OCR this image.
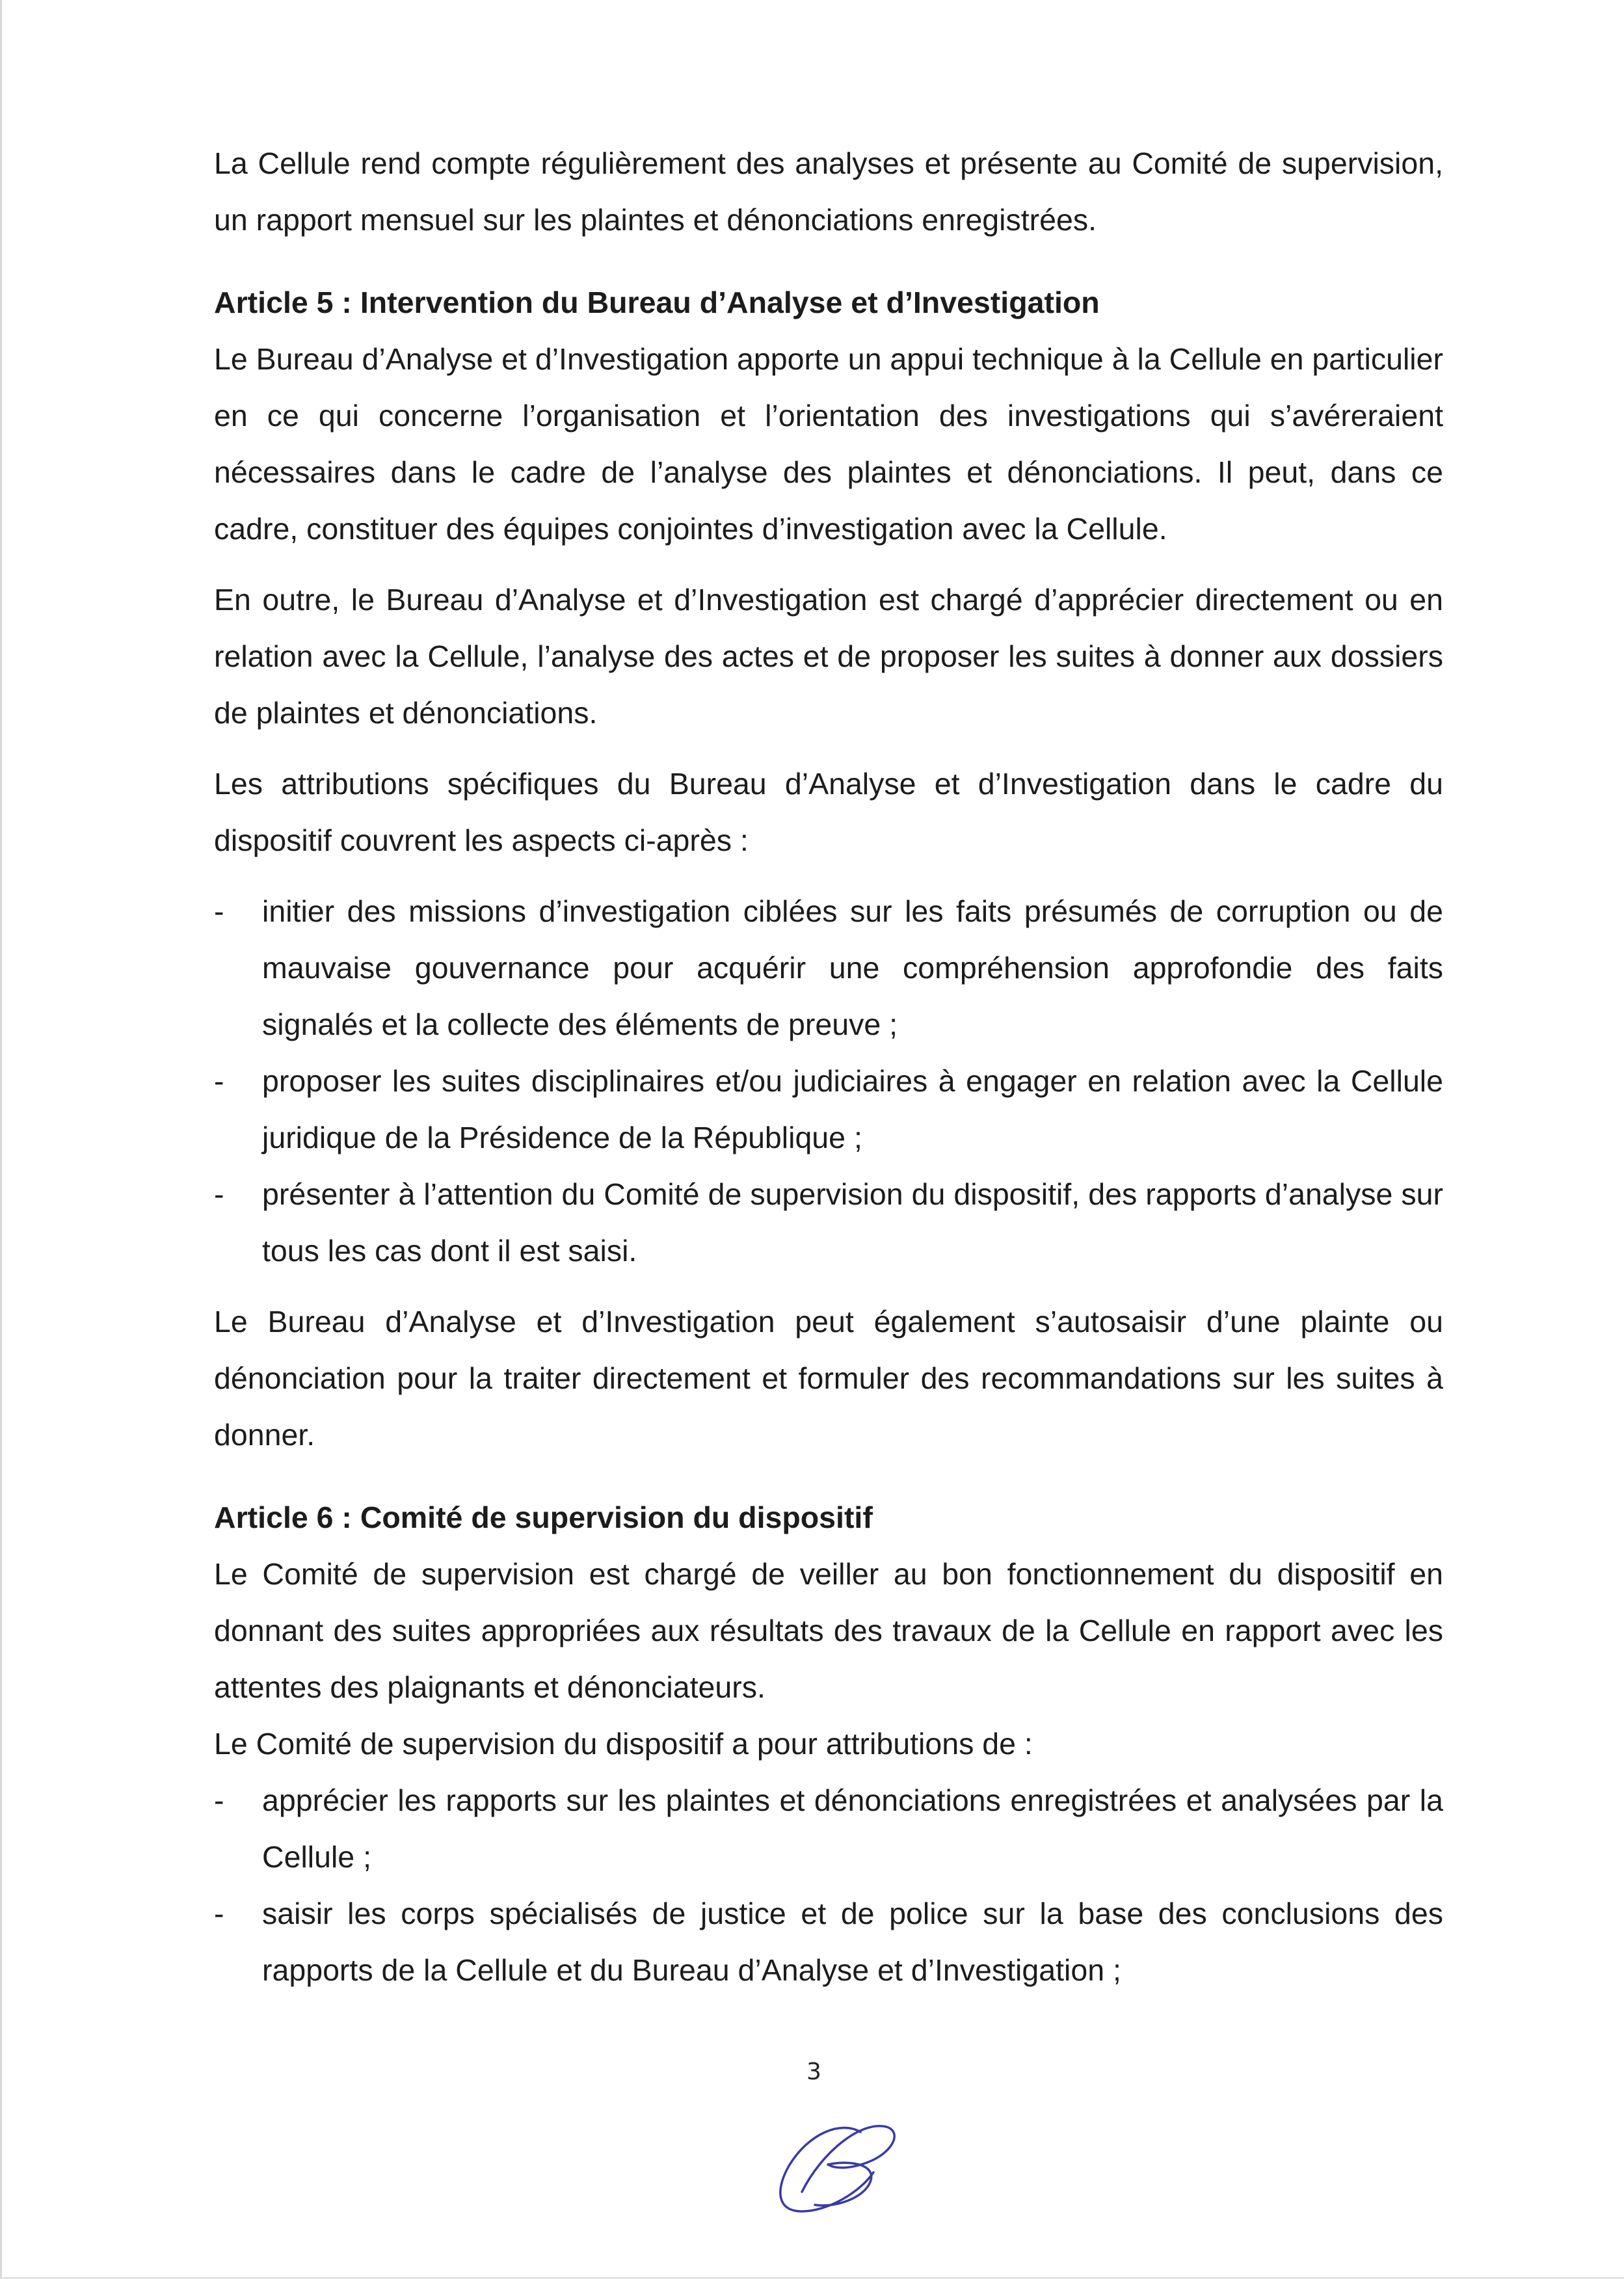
La Cellule rend compte régulièrement des analyses et présente au Comité de supervision, un rapport mensuel sur les plaintes et dénonciations enregistrées.

Article 5 : Intervention du Bureau d’Analyse et d’Investigation

Le Bureau d’Analyse et d’Investigation apporte un appui technique à la Cellule en particulier en ce qui concerne l’organisation et l’orientation des investigations qui s’avéreraient nécessaires dans le cadre de l’analyse des plaintes et dénonciations. Il peut, dans ce cadre, constituer des équipes conjointes d’investigation avec la Cellule.

En outre, le Bureau d’Analyse et d’Investigation est chargé d’apprécier directement ou en relation avec la Cellule, l’analyse des actes et de proposer les suites à donner aux dossiers de plaintes et dénonciations.

Les attributions spécifiques du Bureau d’Analyse et d’Investigation dans le cadre du dispositif couvrent les aspects ci-après :

- initier des missions d’investigation ciblées sur les faits présumés de corruption ou de mauvaise gouvernance pour acquérir une compréhension approfondie des faits signalés et la collecte des éléments de preuve ;
- proposer les suites disciplinaires et/ou judiciaires à engager en relation avec la Cellule juridique de la Présidence de la République ;
- présenter à l’attention du Comité de supervision du dispositif, des rapports d’analyse sur tous les cas dont il est saisi.

Le Bureau d’Analyse et d’Investigation peut également s’autosaisir d’une plainte ou dénonciation pour la traiter directement et formuler des recommandations sur les suites à donner.

Article 6 : Comité de supervision du dispositif

Le Comité de supervision est chargé de veiller au bon fonctionnement du dispositif en donnant des suites appropriées aux résultats des travaux de la Cellule en rapport avec les attentes des plaignants et dénonciateurs.

Le Comité de supervision du dispositif a pour attributions de :

- apprécier les rapports sur les plaintes et dénonciations enregistrées et analysées par la Cellule ;
- saisir les corps spécialisés de justice et de police sur la base des conclusions des rapports de la Cellule et du Bureau d’Analyse et d’Investigation ;
3
